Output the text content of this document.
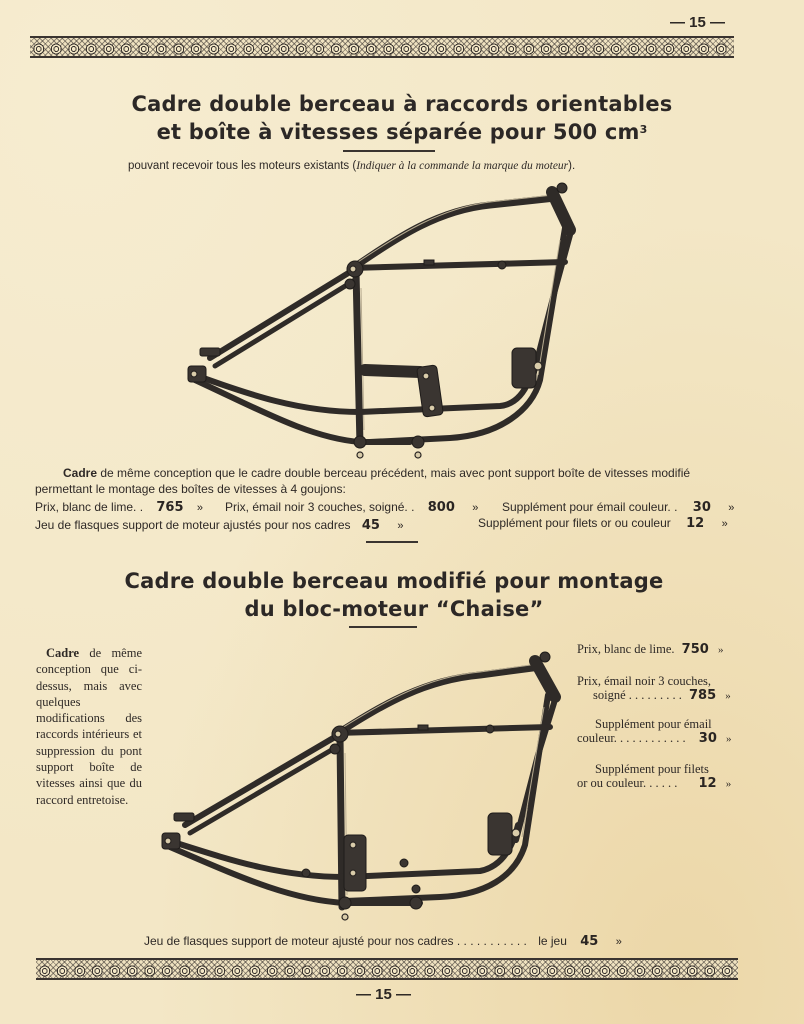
— 15 —
Cadre double berceau à raccords orientables
et boîte à vitesses séparée pour 500 $cm^3$
pouvant recevoir tous les moteurs existants (Indiquer à la commande la marque du moteur).
Cadre de même conception que le cadre double berceau précédent, mais avec pont support boîte de vitesses modifié
permettant le montage des boîtes de vitesses à 4 goujons:
Prix, blanc de lime. . 765 » Prix, émail noir 3 couches, soigné. . 800 » Supplément pour émail couleur. . 30 »
Jeu de flasques support de moteur ajustés pour nos cadres 45 »	Supplément pour filets or ou couleur 12 »
Cadre double berceau modifié pour montage
du bloc-moteur “Chaise”
Cadre de même conception que ci-dessus, mais avec quelques modifications des raccords intérieurs et suppression du pont support boîte de vitesses ainsi que du raccord entretoise.
Prix, blanc de lime. 750 »
Prix, émail noir 3 couches,
soigné . . . . . . . . . 785 »
Supplément pour émail
couleur. . . . . . . . . . . . 30 »
Supplément pour filets
or ou couleur. . . . . . 12 »
Jeu de flasques support de moteur ajusté pour nos cadres . . . . . . . . . . . le jeu 45 »
— 15 —
